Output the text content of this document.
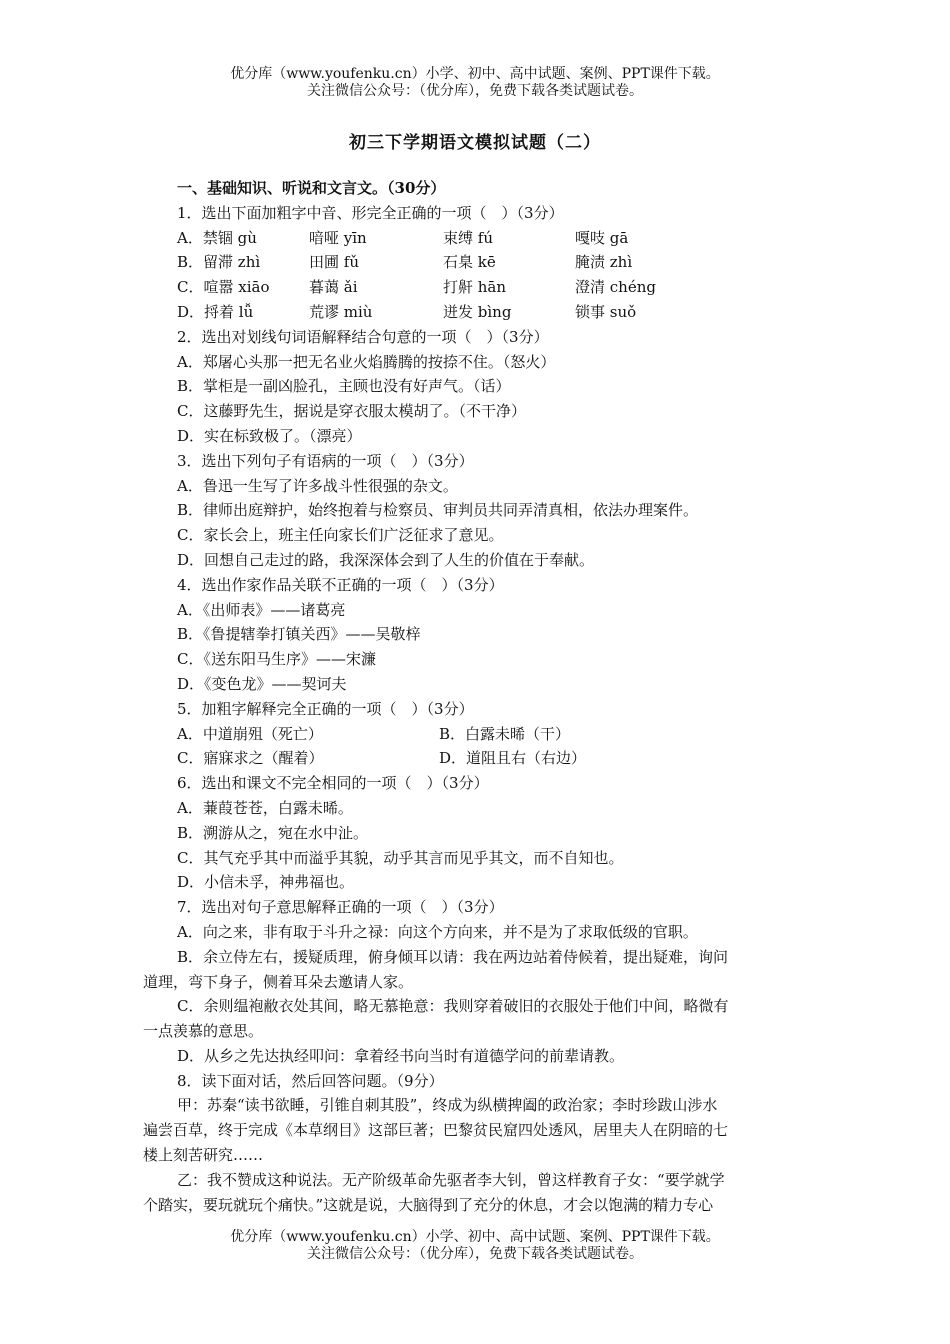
优分库（www.youfenku.cn）小学、初中、高中试题、案例、PPT课件下载。
关注微信公众号：（优分库），免费下载各类试题试卷。
初三下学期语文模拟试题（二）
一、基础知识、听说和文言文。（30分）
1．选出下面加粗字中音、形完全正确的一项（　）（3分）
A．禁锢 gù	喑哑 yīn	束缚 fú	嘎吱 gā
B．留滞 zhì	田圃 fǔ	石臬 kē	腌渍 zhì
C．喧嚣 xiāo	暮蔼 ǎi	打鼾 hān	澄清 chéng
D．捋着 lǚ	荒谬 miù	迸发 bìng	锁事 suǒ
2．选出对划线句词语解释结合句意的一项（　）（3分）
A．郑屠心头那一把无名业火焰腾腾的按捺不住。（怒火）
B．掌柜是一副凶脸孔，主顾也没有好声气。（话）
C．这藤野先生，据说是穿衣服太模胡了。（不干净）
D．实在标致极了。（漂亮）
3．选出下列句子有语病的一项（　）（3分）
A．鲁迅一生写了许多战斗性很强的杂文。
B．律师出庭辩护，始终抱着与检察员、审判员共同弄清真相，依法办理案件。
C．家长会上，班主任向家长们广泛征求了意见。
D．回想自己走过的路，我深深体会到了人生的价值在于奉献。
4．选出作家作品关联不正确的一项（　）（3分）
A．《出师表》——诸葛亮
B．《鲁提辖拳打镇关西》——吴敬梓
C．《送东阳马生序》——宋濂
D．《变色龙》——契诃夫
5．加粗字解释完全正确的一项（　）（3分）
A．中道崩殂（死亡）	B．白露未晞（干）
C．寤寐求之（醒着）	D．道阻且右（右边）
6．选出和课文不完全相同的一项（　）（3分）
A．蒹葭苍苍，白露未晞。
B．溯游从之，宛在水中沚。
C．其气充乎其中而溢乎其貌，动乎其言而见乎其文，而不自知也。
D．小信未孚，神弗福也。
7．选出对句子意思解释正确的一项（　）（3分）
A．向之来，非有取于斗升之禄：向这个方向来，并不是为了求取低级的官职。
B．余立侍左右，援疑质理，俯身倾耳以请：我在两边站着侍候着，提出疑难，询问
道理，弯下身子，侧着耳朵去邀请人家。
C．余则缊袍敝衣处其间，略无慕艳意：我则穿着破旧的衣服处于他们中间，略微有
一点羡慕的意思。
D．从乡之先达执经叩问：拿着经书向当时有道德学问的前辈请教。
8．读下面对话，然后回答问题。（9分）
甲：苏秦“读书欲睡，引锥自刺其股”，终成为纵横捭阖的政治家；李时珍跋山涉水
遍尝百草，终于完成《本草纲目》这部巨著；巴黎贫民窟四处透风，居里夫人在阴暗的七
楼上刻苦研究……
乙：我不赞成这种说法。无产阶级革命先驱者李大钊，曾这样教育子女：“要学就学
个踏实，要玩就玩个痛快。”这就是说，大脑得到了充分的休息，才会以饱满的精力专心
优分库（www.youfenku.cn）小学、初中、高中试题、案例、PPT课件下载。
关注微信公众号：（优分库），免费下载各类试题试卷。
